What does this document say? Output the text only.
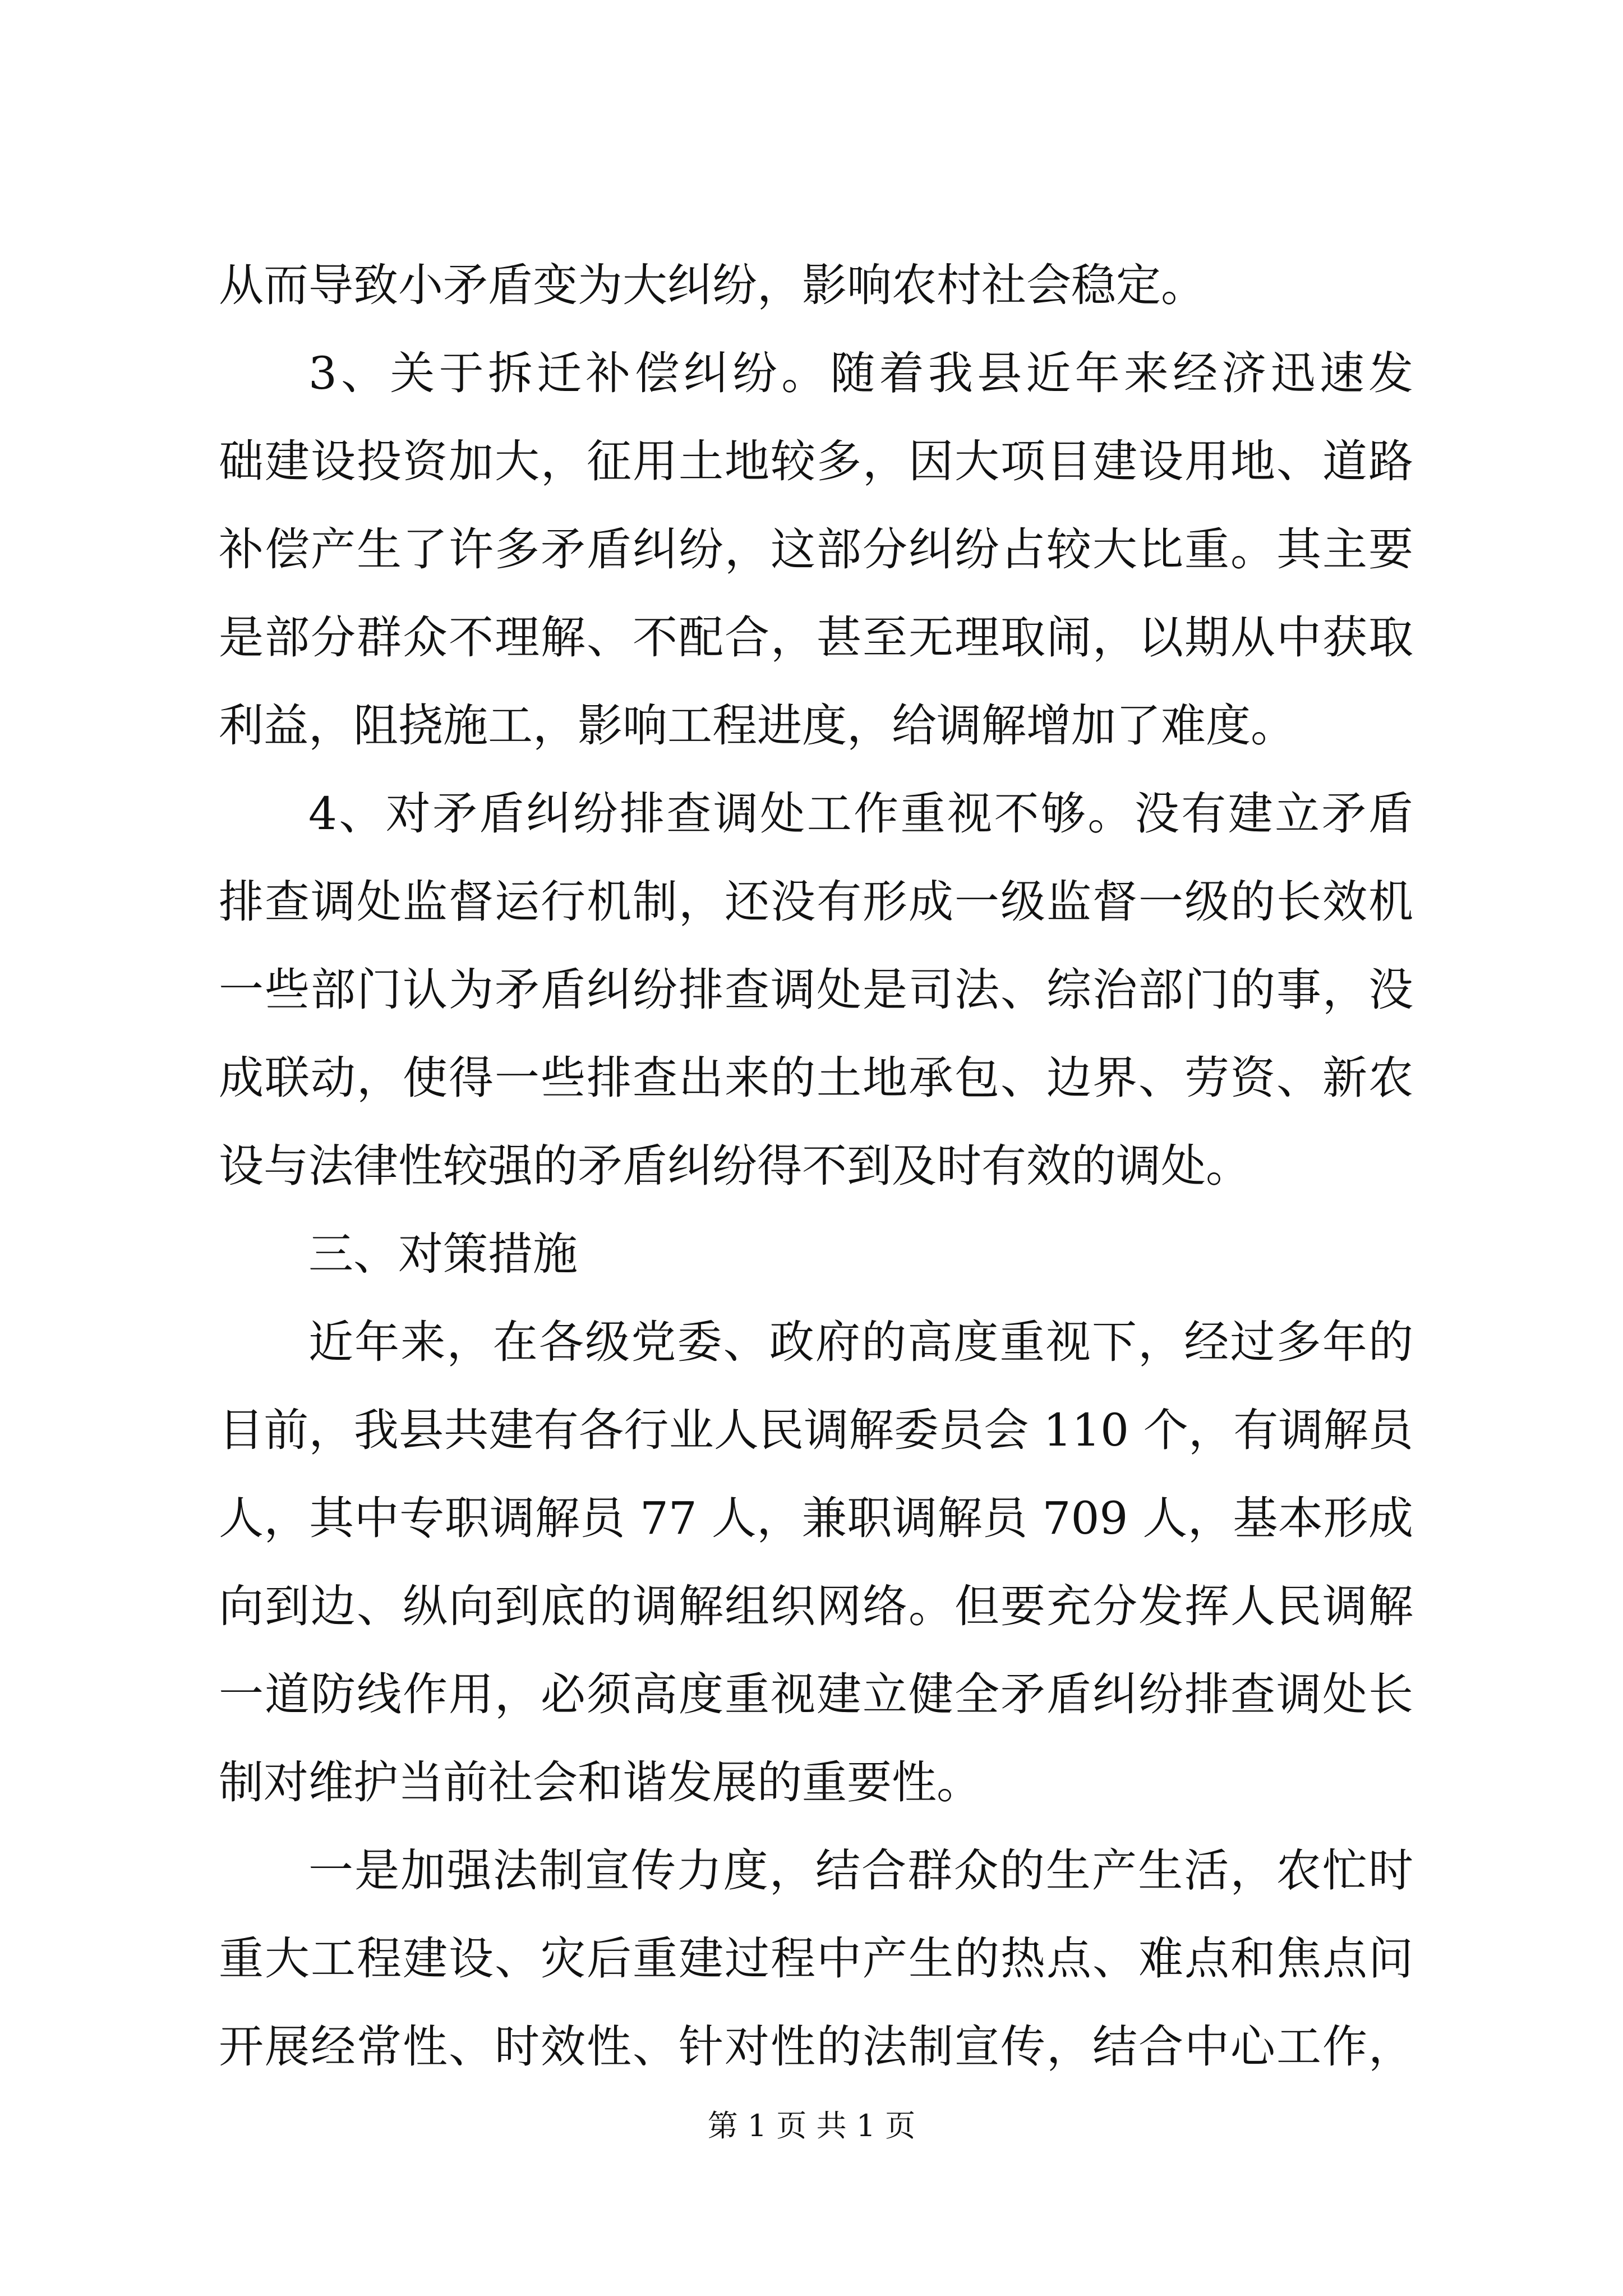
从而导致小矛盾变为大纠纷，影响农村社会稳定。
3、关于拆迁补偿纠纷。随着我县近年来经济迅速发
础建设投资加大，征用土地较多，因大项目建设用地、道路
补偿产生了许多矛盾纠纷，这部分纠纷占较大比重。其主要
是部分群众不理解、不配合，甚至无理取闹，以期从中获取
利益，阻挠施工，影响工程进度，给调解增加了难度。
4、对矛盾纠纷排查调处工作重视不够。没有建立矛盾
排查调处监督运行机制，还没有形成一级监督一级的长效机
一些部门认为矛盾纠纷排查调处是司法、综治部门的事，没
成联动，使得一些排查出来的土地承包、边界、劳资、新农
设与法律性较强的矛盾纠纷得不到及时有效的调处。
三、对策措施
近年来，在各级党委、政府的高度重视下，经过多年的
目前，我县共建有各行业人民调解委员会 110 个，有调解员
人，其中专职调解员 77 人，兼职调解员 709 人，基本形成
向到边、纵向到底的调解组织网络。但要充分发挥人民调解
一道防线作用，必须高度重视建立健全矛盾纠纷排查调处长
制对维护当前社会和谐发展的重要性。
一是加强法制宣传力度，结合群众的生产生活，农忙时
重大工程建设、灾后重建过程中产生的热点、难点和焦点问
开展经常性、时效性、针对性的法制宣传，结合中心工作，
第 1 页 共 1 页
